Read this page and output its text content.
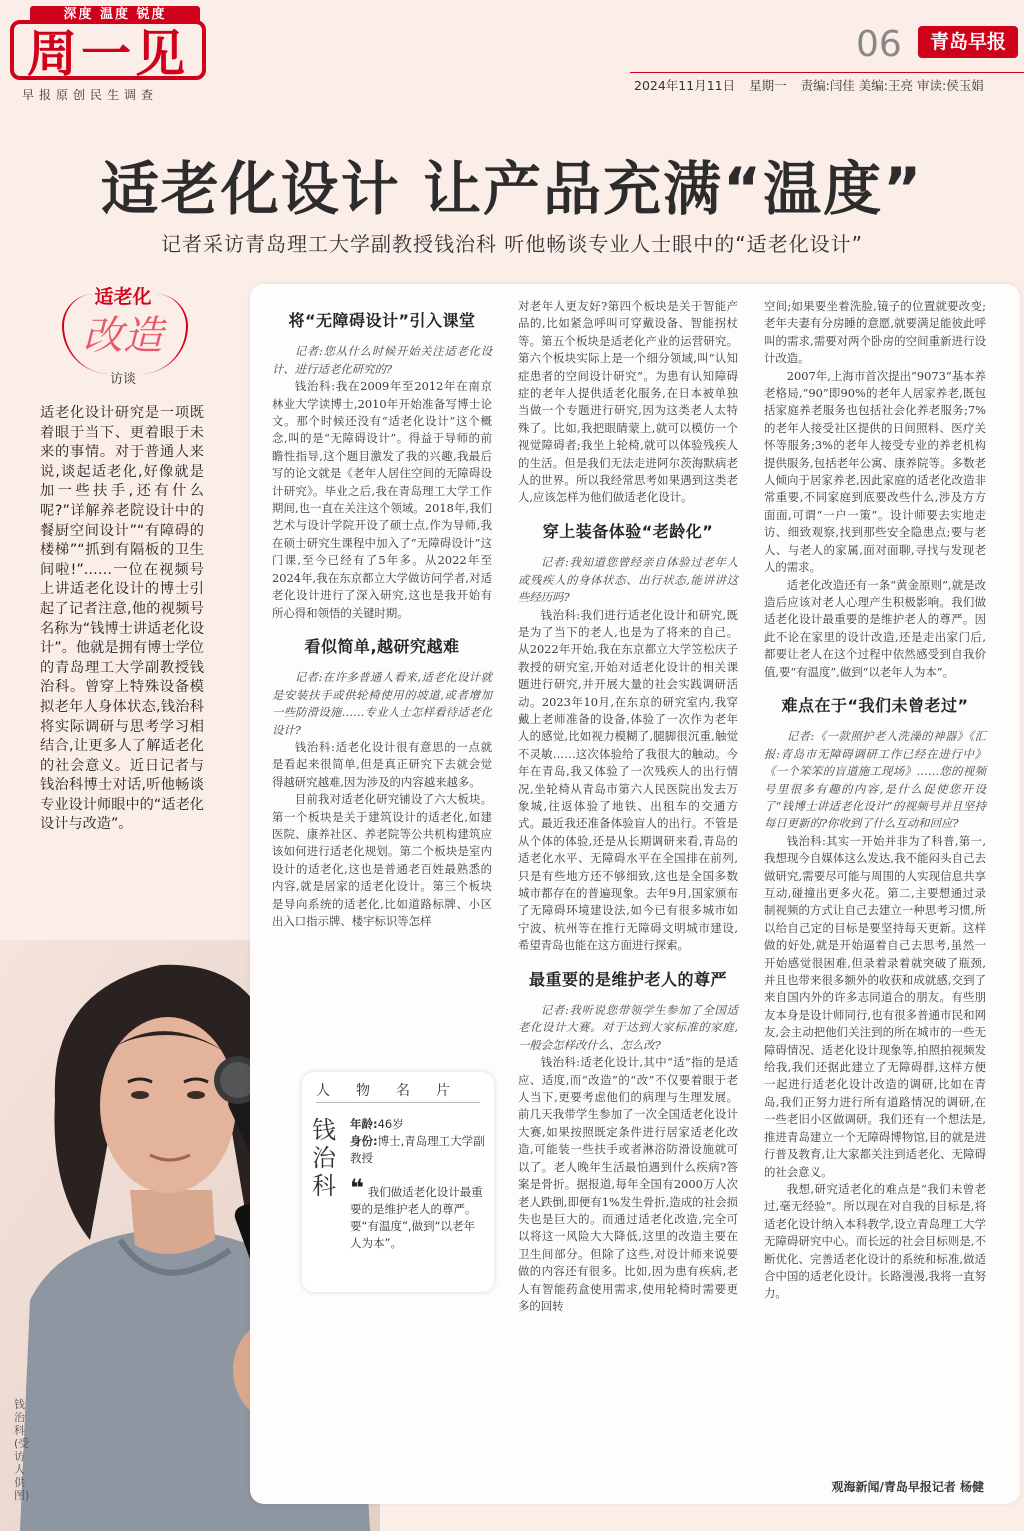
深度 温度 锐度
周一见
早报原创民生调查
06	青岛早报
2024年11月11日 星期一 责编:闫佳 美编:王亮 审读:侯玉娟
适老化设计 让产品充满“温度”
记者采访青岛理工大学副教授钱治科 听他畅谈专业人士眼中的“适老化设计”
适老化
改造
访谈
适老化设计研究是一项既着眼于当下、更着眼于未来的事情。对于普通人来说,谈起适老化,好像就是加一些扶手,还有什么呢?”详解养老院设计中的餐厨空间设计”“有障碍的楼梯”“抓到有隔板的卫生间啦!”……一位在视频号上讲适老化设计的博士引起了记者注意,他的视频号名称为“钱博士讲适老化设计”。他就是拥有博士学位的青岛理工大学副教授钱治科。曾穿上特殊设备模拟老年人身体状态,钱治科将实际调研与思考学习相结合,让更多人了解适老化的社会意义。近日记者与钱治科博士对话,听他畅谈专业设计师眼中的“适老化设计与改造”。
钱治科(受访人供图)

将“无障碍设计”引入课堂

记者:您从什么时候开始关注适老化设计、进行适老化研究的?

钱治科:我在2009年至2012年在南京林业大学读博士,2010年开始准备写博士论文。那个时候还没有“适老化设计”这个概念,叫的是“无障碍设计”。得益于导师的前瞻性指导,这个题目激发了我的兴趣,我最后写的论文就是《老年人居住空间的无障碍设计研究》。毕业之后,我在青岛理工大学工作期间,也一直在关注这个领域。2018年,我们艺术与设计学院开设了硕士点,作为导师,我在硕士研究生课程中加入了“无障碍设计”这门课,至今已经有了5年多。从2022年至2024年,我在东京都立大学做访问学者,对适老化设计进行了深入研究,这也是我开始有所心得和领悟的关键时期。

看似简单,越研究越难

记者:在许多普通人看来,适老化设计就是安装扶手或供轮椅使用的坡道,或者增加一些防滑设施……专业人士怎样看待适老化设计?

钱治科:适老化设计很有意思的一点就是看起来很简单,但是真正研究下去就会觉得越研究越难,因为涉及的内容越来越多。

目前我对适老化研究铺设了六大板块。第一个板块是关于建筑设计的适老化,如建医院、康养社区、养老院等公共机构建筑应该如何进行适老化规划。第二个板块是室内设计的适老化,这也是普通老百姓最熟悉的内容,就是居家的适老化设计。第三个板块是导向系统的适老化,比如道路标牌、小区出入口指示牌、楼宇标识等怎样

对老年人更友好?第四个板块是关于智能产品的,比如紧急呼叫可穿戴设备、智能拐杖等。第五个板块是适老化产业的运营研究。第六个板块实际上是一个细分领域,叫“认知症患者的空间设计研究”。为患有认知障碍症的老年人提供适老化服务,在日本被单独当做一个专题进行研究,因为这类老人太特殊了。比如,我把眼睛蒙上,就可以模仿一个视觉障碍者;我坐上轮椅,就可以体验残疾人的生活。但是我们无法走进阿尔茨海默病老人的世界。所以我经常思考如果遇到这类老人,应该怎样为他们做适老化设计。

穿上装备体验“老龄化”

记者:我知道您曾经亲自体验过老年人或残疾人的身体状态、出行状态,能讲讲这些经历吗?

钱治科:我们进行适老化设计和研究,既是为了当下的老人,也是为了将来的自己。从2022年开始,我在东京都立大学笠松庆子教授的研究室,开始对适老化设计的相关课题进行研究,并开展大量的社会实践调研活动。2023年10月,在东京的研究室内,我穿戴上老师准备的设备,体验了一次作为老年人的感觉,比如视力模糊了,腿脚很沉重,触觉不灵敏……这次体验给了我很大的触动。今年在青岛,我又体验了一次残疾人的出行情况,坐轮椅从青岛市第六人民医院出发去万象城,往返体验了地铁、出租车的交通方式。最近我还准备体验盲人的出行。不管是从个体的体验,还是从长期调研来看,青岛的适老化水平、无障碍水平在全国排在前列,只是有些地方还不够细致,这也是全国多数城市都存在的普遍现象。去年9月,国家颁布了无障碍环境建设法,如今已有很多城市如宁波、杭州等在推行无障碍文明城市建设,希望青岛也能在这方面进行探索。

最重要的是维护老人的尊严

记者:我听说您带领学生参加了全国适老化设计大赛。对于达到大家标准的家庭,一般会怎样改什么、怎么改?

钱治科:适老化设计,其中“适”指的是适应、适度,而“改造”的“改”不仅要着眼于老人当下,更要考虑他们的病理与生理发展。前几天我带学生参加了一次全国适老化设计大赛,如果按照既定条件进行居家适老化改造,可能装一些扶手或者淋浴防滑设施就可以了。老人晚年生活最怕遇到什么疾病?答案是骨折。据报道,每年全国有2000万人次老人跌倒,即便有1%发生骨折,造成的社会损失也是巨大的。而通过适老化改造,完全可以将这一风险大大降低,这里的改造主要在卫生间部分。但除了这些,对设计师来说要做的内容还有很多。比如,因为患有疾病,老人有智能药盒使用需求,使用轮椅时需要更多的回转

空间;如果要坐着洗脸,镜子的位置就要改变;老年夫妻有分房睡的意愿,就要满足能彼此呼叫的需求,需要对两个卧房的空间重新进行设计改造。

2007年,上海市首次提出“9073”基本养老格局,“90”即90%的老年人居家养老,既包括家庭养老服务也包括社会化养老服务;7%的老年人接受社区提供的日间照料、医疗关怀等服务;3%的老年人接受专业的养老机构提供服务,包括老年公寓、康养院等。多数老人倾向于居家养老,因此家庭的适老化改造非常重要,不同家庭到底要改些什么,涉及方方面面,可谓“一户一策”。设计师要去实地走访、细致观察,找到那些安全隐患点;要与老人、与老人的家属,面对面聊,寻找与发现老人的需求。

适老化改造还有一条“黄金原则”,就是改造后应该对老人心理产生积极影响。我们做适老化设计最重要的是维护老人的尊严。因此不论在家里的设计改造,还是走出家门后,都要让老人在这个过程中依然感受到自我价值,要“有温度”,做到“以老年人为本”。

难点在于“我们未曾老过”

记者:《一款照护老人洗澡的神器》《汇报:青岛市无障碍调研工作已经在进行中》《一个笨笨的盲道施工现场》……您的视频号里很多有趣的内容,是什么促使您开设了“钱博士讲适老化设计”的视频号并且坚持每日更新的?你收到了什么互动和回应?

钱治科:其实一开始并非为了科普,第一,我想现今自媒体这么发达,我不能闷头自己去做研究,需要尽可能与周围的人实现信息共享互动,碰撞出更多火花。第二,主要想通过录制视频的方式让自己去建立一种思考习惯,所以给自己定的目标是要坚持每天更新。这样做的好处,就是开始逼着自己去思考,虽然一开始感觉很困难,但录着录着就突破了瓶颈,并且也带来很多额外的收获和成就感,交到了来自国内外的许多志同道合的朋友。有些朋友本身是设计师同行,也有很多普通市民和网友,会主动把他们关注到的所在城市的一些无障碍情况、适老化设计现象等,拍照拍视频发给我,我们还据此建立了无障碍群,这样方便一起进行适老化设计改造的调研,比如在青岛,我们正努力进行所有道路情况的调研,在一些老旧小区做调研。我们还有一个想法是,推进青岛建立一个无障碍博物馆,目的就是进行普及教育,让大家都关注到适老化、无障碍的社会意义。

我想,研究适老化的难点是“我们未曾老过,毫无经验”。所以现在对自我的目标是,将适老化设计纳入本科教学,设立青岛理工大学无障碍研究中心。而长远的社会目标则是,不断优化、完善适老化设计的系统和标准,做适合中国的适老化设计。长路漫漫,我将一直努力。

观海新闻/青岛早报记者 杨健
人物名片
钱治科
年龄:46岁
身份:博士,青岛理工大学副教授
❝ 我们做适老化设计最重要的是维护老人的尊严。要“有温度”,做到“以老年人为本”。
